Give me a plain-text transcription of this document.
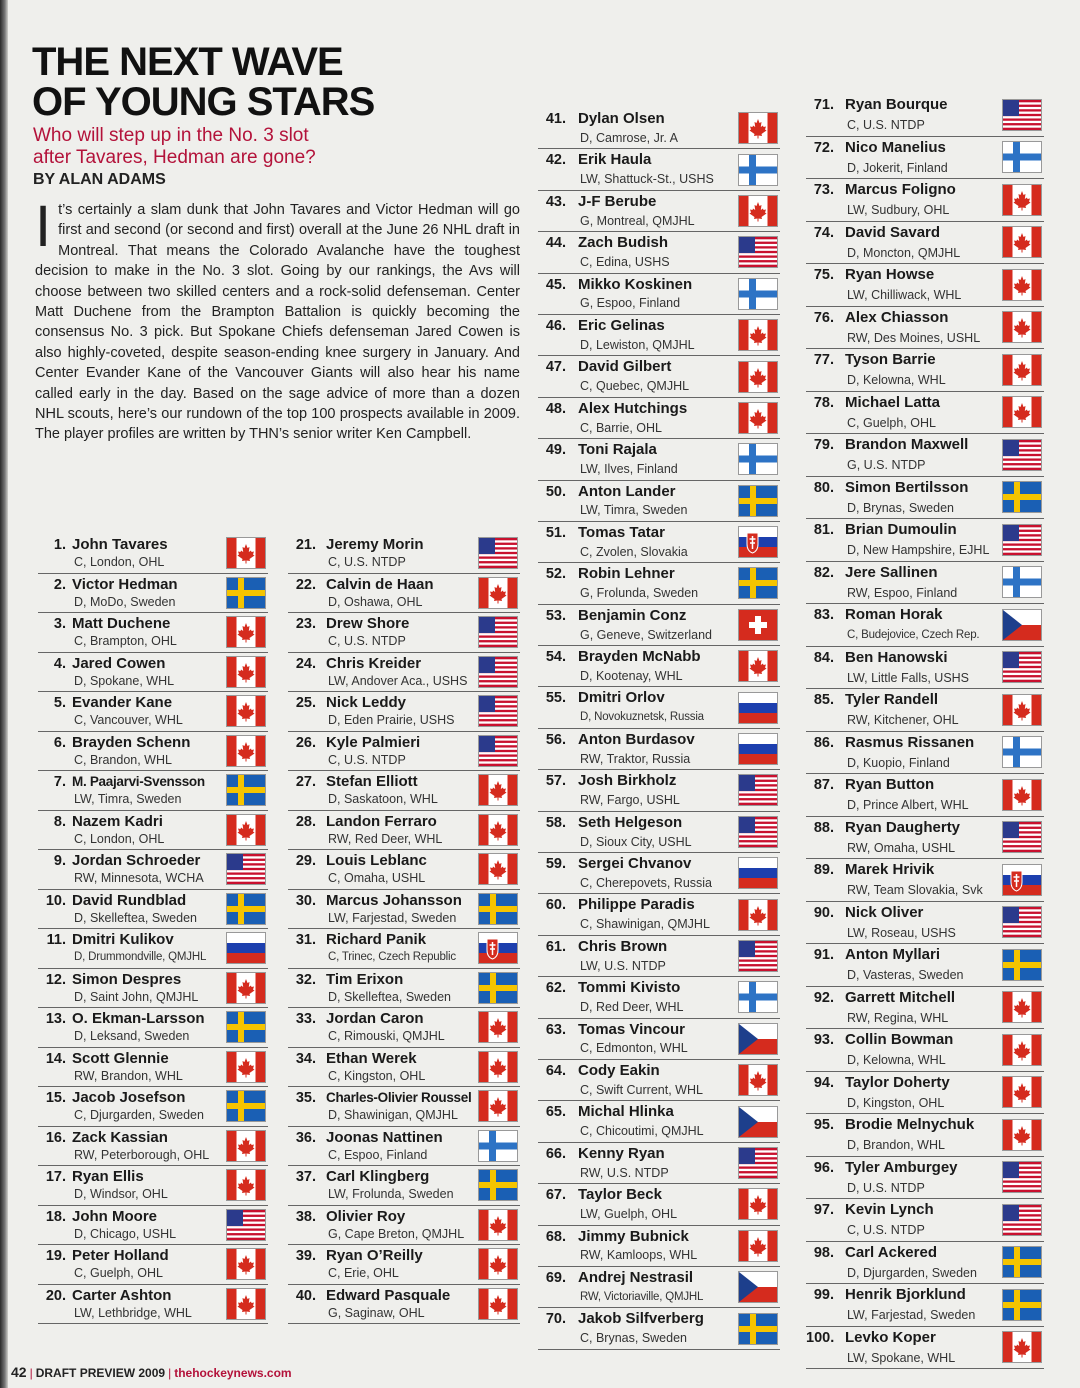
THE NEXT WAVE
OF YOUNG STARS
Who will step up in the No. 3 slot after Tavares, Hedman are gone?
BY ALAN ADAMS

It’s certainly a slam dunk that John Tavares and Victor Hedman will go first and second (or second and first) overall at the June 26 NHL draft in Montreal. That means the Colorado Avalanche have the toughest decision to make in the No. 3 slot. Going by our rankings, the Avs will choose between two skilled centers and a rock-solid defenseman. Center Matt Duchene from the Brampton Battalion is quickly becoming the consensus No. 3 pick. But Spokane Chiefs defenseman Jared Cowen is also highly-coveted, despite season-ending knee surgery in January. And Center Evander Kane of the Vancouver Giants will also hear his name called early in the day. Based on the sage advice of more than a dozen NHL scouts, here’s our rundown of the top 100 prospects available in 2009. The player profiles are written by THN’s senior writer Ken Campbell.

1. John Tavares
C, London, OHL
2. Victor Hedman
D, MoDo, Sweden
3. Matt Duchene
C, Brampton, OHL
4. Jared Cowen
D, Spokane, WHL
5. Evander Kane
C, Vancouver, WHL
6. Brayden Schenn
C, Brandon, WHL
7. M. Paajarvi-Svensson
LW, Timra, Sweden
8. Nazem Kadri
C, London, OHL
9. Jordan Schroeder
RW, Minnesota, WCHA
10. David Rundblad
D, Skelleftea, Sweden
11. Dmitri Kulikov
D, Drummondville, QMJHL
12. Simon Despres
D, Saint John, QMJHL
13. O. Ekman-Larsson
D, Leksand, Sweden
14. Scott Glennie
RW, Brandon, WHL
15. Jacob Josefson
C, Djurgarden, Sweden
16. Zack Kassian
RW, Peterborough, OHL
17. Ryan Ellis
D, Windsor, OHL
18. John Moore
D, Chicago, USHL
19. Peter Holland
C, Guelph, OHL
20. Carter Ashton
LW, Lethbridge, WHL
21. Jeremy Morin
C, U.S. NTDP
22. Calvin de Haan
D, Oshawa, OHL
23. Drew Shore
C, U.S. NTDP
24. Chris Kreider
LW, Andover Aca., USHS
25. Nick Leddy
D, Eden Prairie, USHS
26. Kyle Palmieri
C, U.S. NTDP
27. Stefan Elliott
D, Saskatoon, WHL
28. Landon Ferraro
RW, Red Deer, WHL
29. Louis Leblanc
C, Omaha, USHL
30. Marcus Johansson
LW, Farjestad, Sweden
31. Richard Panik
C, Trinec, Czech Republic
32. Tim Erixon
D, Skelleftea, Sweden
33. Jordan Caron
C, Rimouski, QMJHL
34. Ethan Werek
C, Kingston, OHL
35. Charles-Olivier Roussel
D, Shawinigan, QMJHL
36. Joonas Nattinen
C, Espoo, Finland
37. Carl Klingberg
LW, Frolunda, Sweden
38. Olivier Roy
G, Cape Breton, QMJHL
39. Ryan O’Reilly
C, Erie, OHL
40. Edward Pasquale
G, Saginaw, OHL
41. Dylan Olsen
D, Camrose, Jr. A
42. Erik Haula
LW, Shattuck-St., USHS
43. J-F Berube
G, Montreal, QMJHL
44. Zach Budish
C, Edina, USHS
45. Mikko Koskinen
G, Espoo, Finland
46. Eric Gelinas
D, Lewiston, QMJHL
47. David Gilbert
C, Quebec, QMJHL
48. Alex Hutchings
C, Barrie, OHL
49. Toni Rajala
LW, Ilves, Finland
50. Anton Lander
LW, Timra, Sweden
51. Tomas Tatar
C, Zvolen, Slovakia
52. Robin Lehner
G, Frolunda, Sweden
53. Benjamin Conz
G, Geneve, Switzerland
54. Brayden McNabb
D, Kootenay, WHL
55. Dmitri Orlov
D, Novokuznetsk, Russia
56. Anton Burdasov
RW, Traktor, Russia
57. Josh Birkholz
RW, Fargo, USHL
58. Seth Helgeson
D, Sioux City, USHL
59. Sergei Chvanov
C, Cherepovets, Russia
60. Philippe Paradis
C, Shawinigan, QMJHL
61. Chris Brown
LW, U.S. NTDP
62. Tommi Kivisto
D, Red Deer, WHL
63. Tomas Vincour
C, Edmonton, WHL
64. Cody Eakin
C, Swift Current, WHL
65. Michal Hlinka
C, Chicoutimi, QMJHL
66. Kenny Ryan
RW, U.S. NTDP
67. Taylor Beck
LW, Guelph, OHL
68. Jimmy Bubnick
RW, Kamloops, WHL
69. Andrej Nestrasil
RW, Victoriaville, QMJHL
70. Jakob Silfverberg
C, Brynas, Sweden
71. Ryan Bourque
C, U.S. NTDP
72. Nico Manelius
D, Jokerit, Finland
73. Marcus Foligno
LW, Sudbury, OHL
74. David Savard
D, Moncton, QMJHL
75. Ryan Howse
LW, Chilliwack, WHL
76. Alex Chiasson
RW, Des Moines, USHL
77. Tyson Barrie
D, Kelowna, WHL
78. Michael Latta
C, Guelph, OHL
79. Brandon Maxwell
G, U.S. NTDP
80. Simon Bertilsson
D, Brynas, Sweden
81. Brian Dumoulin
D, New Hampshire, EJHL
82. Jere Sallinen
RW, Espoo, Finland
83. Roman Horak
C, Budejovice, Czech Rep.
84. Ben Hanowski
LW, Little Falls, USHS
85. Tyler Randell
RW, Kitchener, OHL
86. Rasmus Rissanen
D, Kuopio, Finland
87. Ryan Button
D, Prince Albert, WHL
88. Ryan Daugherty
RW, Omaha, USHL
89. Marek Hrivik
RW, Team Slovakia, Svk
90. Nick Oliver
LW, Roseau, USHS
91. Anton Myllari
D, Vasteras, Sweden
92. Garrett Mitchell
RW, Regina, WHL
93. Collin Bowman
D, Kelowna, WHL
94. Taylor Doherty
D, Kingston, OHL
95. Brodie Melnychuk
D, Brandon, WHL
96. Tyler Amburgey
D, U.S. NTDP
97. Kevin Lynch
C, U.S. NTDP
98. Carl Ackered
D, Djurgarden, Sweden
99. Henrik Bjorklund
LW, Farjestad, Sweden
100. Levko Koper
LW, Spokane, WHL
42 | DRAFT PREVIEW 2009 | thehockeynews.com
